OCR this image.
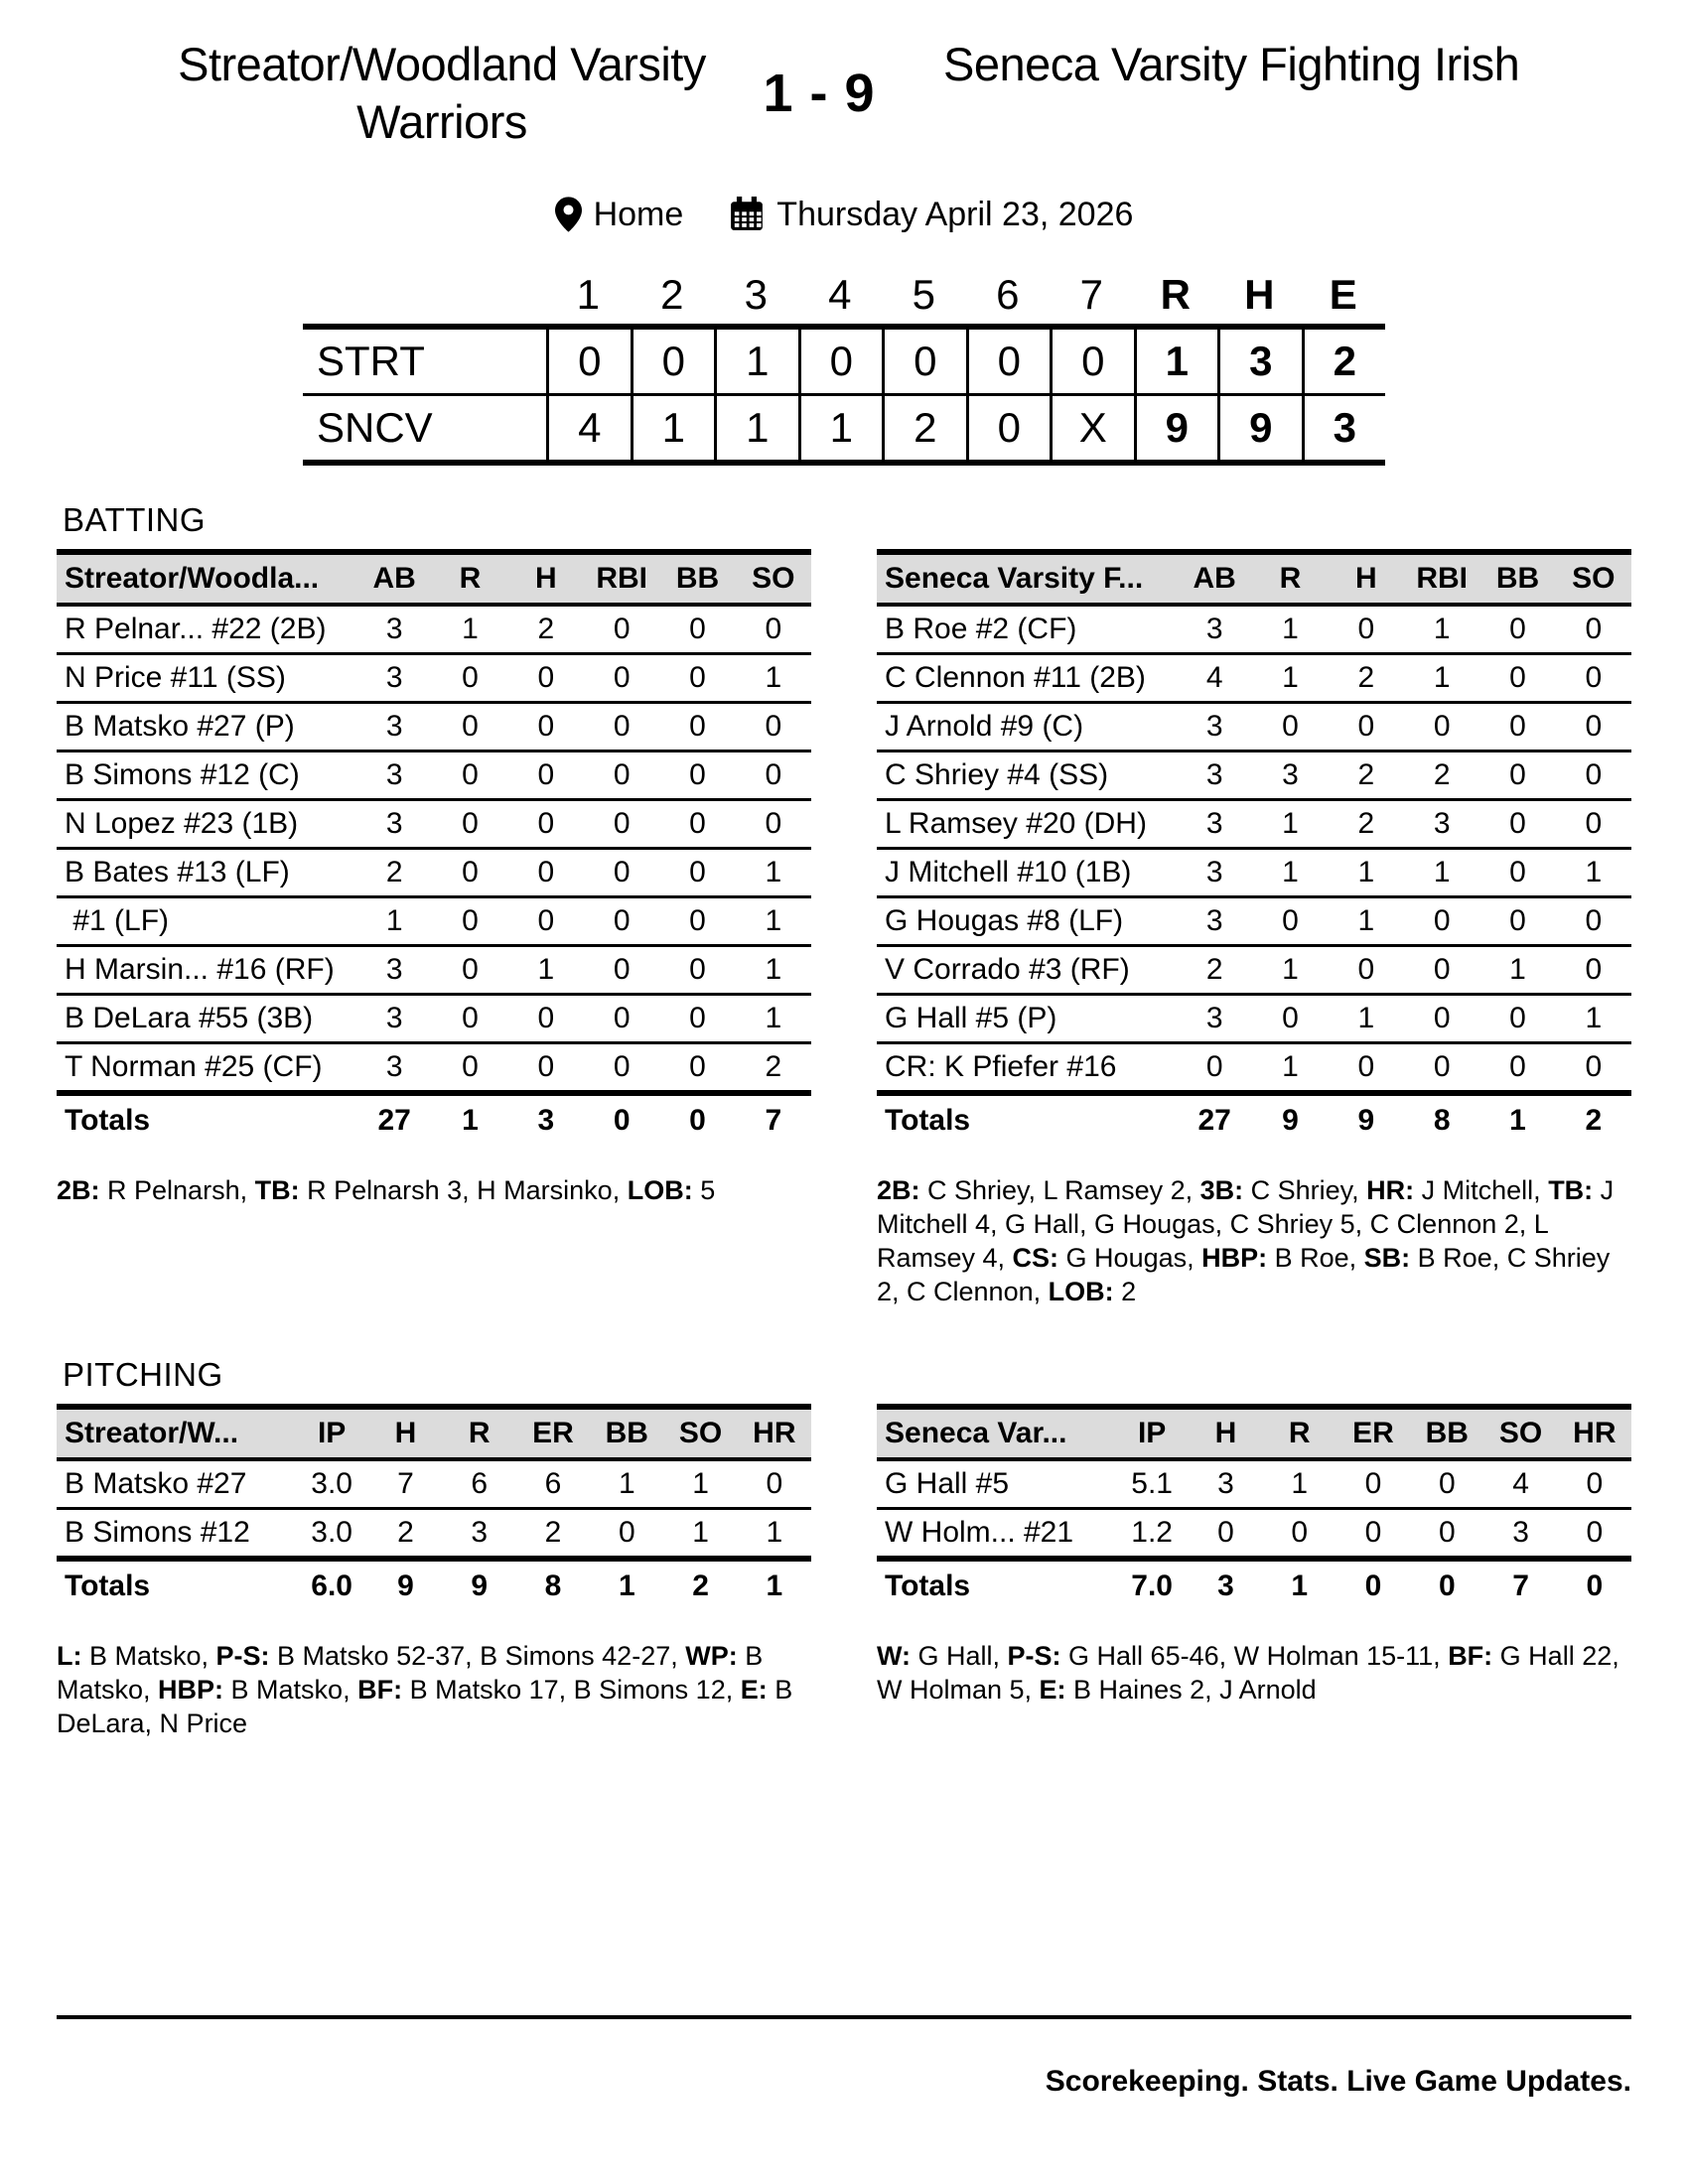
Streator/Woodland Varsity Warriors	1 - 9	Seneca Varsity Fighting Irish
Home	Thursday April 23, 2026
1	2	3	4	5	6	7	R	H	E
STRT	0	0	1	0	0	0	0	1	3	2
SNCV	4	1	1	1	2	0	X	9	9	3
BATTING
Streator/Woodla...	AB	R	H	RBI BB	SO
R Pelnar... #22 (2B)	3	1	2	0	0	0
N Price #11 (SS)	3	0	0	0	0	1
B Matsko #27 (P)	3	0	0	0	0	0
B Simons #12 (C)	3	0	0	0	0	0
N Lopez #23 (1B)	3	0	0	0	0	0
B Bates #13 (LF)	2	0	0	0	0	1
#1 (LF)	1	0	0	0	0	1
H Marsin... #16 (RF)	3	0	1	0	0	1
B DeLara #55 (3B)	3	0	0	0	0	1
T Norman #25 (CF)	3	0	0	0	0	2
Totals	27	1	3	0	0	7
Seneca Varsity F...	AB	R	H	RBI BB	SO
B Roe #2 (CF)	3	1	0	1	0	0
C Clennon #11 (2B)	4	1	2	1	0	0
J Arnold #9 (C)	3	0	0	0	0	0
C Shriey #4 (SS)	3	3	2	2	0	0
L Ramsey #20 (DH)	3	1	2	3	0	0
J Mitchell #10 (1B)	3	1	1	1	0	1
G Hougas #8 (LF)	3	0	1	0	0	0
V Corrado #3 (RF)	2	1	0	0	1	0
G Hall #5 (P)	3	0	1	0	0	1
CR: K Pfiefer #16	0	1	0	0	0	0
Totals	27	9	9	8	1	2
2B: R Pelnarsh, TB: R Pelnarsh 3, H Marsinko, LOB: 5	2B: C Shriey, L Ramsey 2, 3B: C Shriey, HR: J Mitchell, TB: J Mitchell 4, G Hall, G Hougas, C Shriey 5, C Clennon 2, L Ramsey 4, CS: G Hougas, HBP: B Roe, SB: B Roe, C Shriey 2, C Clennon, LOB: 2
PITCHING
Streator/W...	IP	H	R	ER	BB	SO	HR
B Matsko #27	3.0	7	6	6	1	1	0
B Simons #12	3.0	2	3	2	0	1	1
Totals	6.0	9	9	8	1	2	1
Seneca Var...	IP	H	R	ER	BB	SO	HR
G Hall #5	5.1	3	1	0	0	4	0
W Holm... #21	1.2	0	0	0	0	3	0
Totals	7.0	3	1	0	0	7	0
L: B Matsko, P-S: B Matsko 52-37, B Simons 42-27, WP: B Matsko, HBP: B Matsko, BF: B Matsko 17, B Simons 12, E: B DeLara, N Price
W: G Hall, P-S: G Hall 65-46, W Holman 15-11, BF: G Hall 22, W Holman 5, E: B Haines 2, J Arnold
Scorekeeping. Stats. Live Game Updates.
